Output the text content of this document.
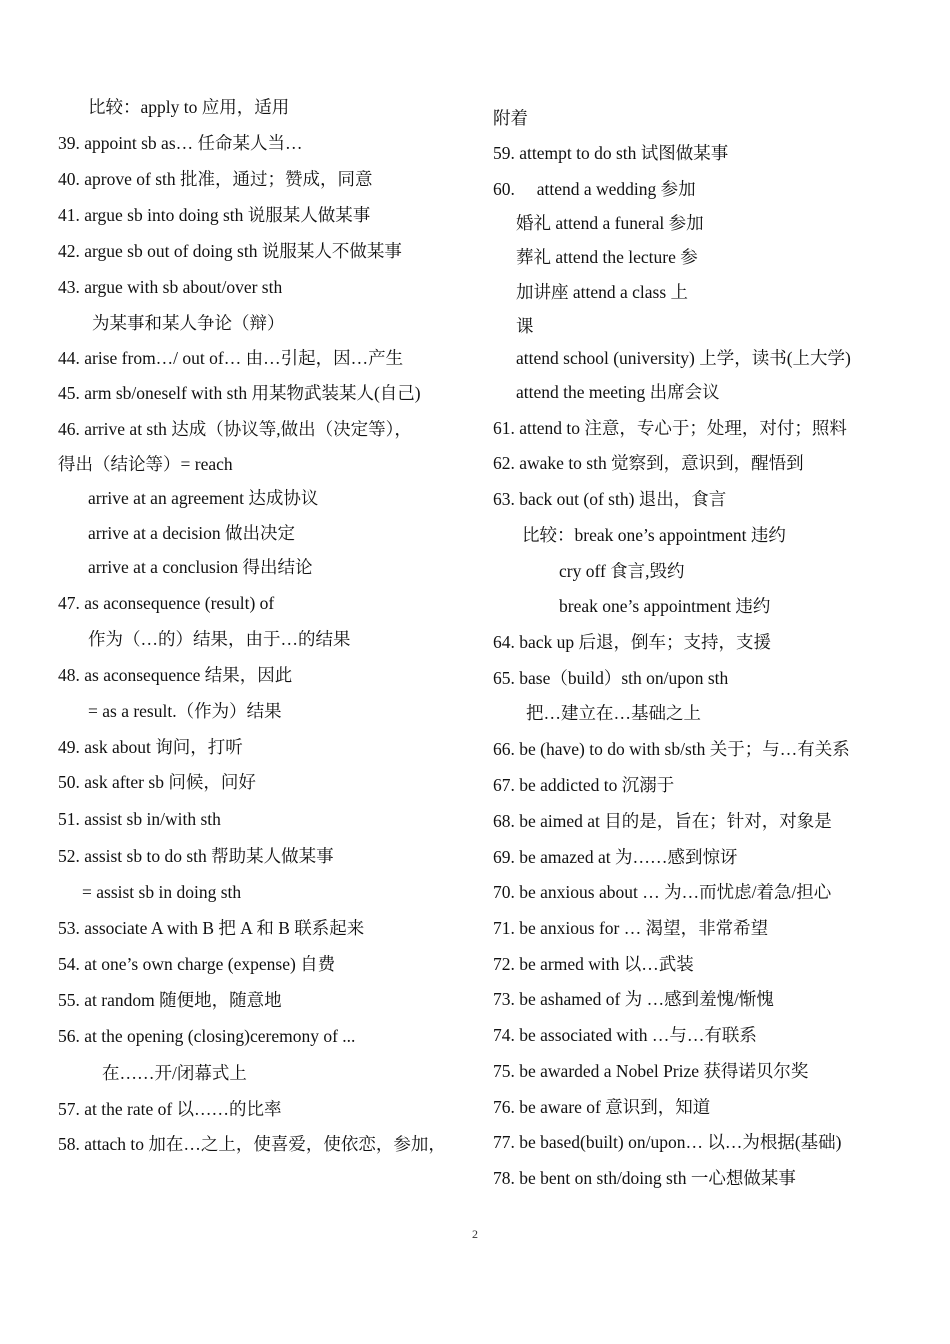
比较：apply to 应用，适用
39. appoint sb as… 任命某人当…
40. aprove of sth 批准，通过；赞成，同意
41. argue sb into doing sth 说服某人做某事
42. argue sb out of doing sth 说服某人不做某事
43. argue with sb about/over sth
为某事和某人争论（辩）
44. arise from…/ out of… 由…引起，因…产生
45. arm sb/oneself with sth 用某物武装某人(自己)
46. arrive at sth 达成（协议等,做出（决定等），
得出（结论等）= reach
arrive at an agreement 达成协议
arrive at a decision 做出决定
arrive at a conclusion 得出结论
47. as aconsequence (result) of
作为（…的）结果，由于…的结果
48. as aconsequence 结果，因此
= as a result.（作为）结果
49. ask about 询问，打听
50. ask after sb 问候，问好
51. assist sb in/with sth
52. assist sb to do sth 帮助某人做某事
= assist sb in doing sth
53. associate A with B 把 A 和 B 联系起来
54. at one’s own charge (expense) 自费
55. at random 随便地，随意地
56. at the opening (closing)ceremony of ...
在……开/闭幕式上
57. at the rate of 以……的比率
58. attach to 加在…之上，使喜爱，使依恋，参加，
附着
59. attempt to do sth 试图做某事
60.     attend a wedding 参加
婚礼 attend a funeral 参加
葬礼 attend the lecture 参
加讲座 attend a class 上
课
attend school (university) 上学，读书(上大学)
attend the meeting 出席会议
61. attend to 注意，专心于；处理，对付；照料
62. awake to sth 觉察到，意识到，醒悟到
63. back out (of sth) 退出，食言
比较：break one’s appointment 违约
cry off 食言,毁约
break one’s appointment 违约
64. back up 后退，倒车；支持，支援
65. base（build）sth on/upon sth
把…建立在…基础之上
66. be (have) to do with sb/sth 关于；与…有关系
67. be addicted to 沉溺于
68. be aimed at 目的是，旨在；针对，对象是
69. be amazed at 为……感到惊讶
70. be anxious about … 为…而忧虑/着急/担心
71. be anxious for … 渴望，非常希望
72. be armed with 以…武装
73. be ashamed of 为 …感到羞愧/惭愧
74. be associated with …与…有联系
75. be awarded a Nobel Prize 获得诺贝尔奖
76. be aware of 意识到，知道
77. be based(built) on/upon… 以…为根据(基础)
78. be bent on sth/doing sth 一心想做某事
2
